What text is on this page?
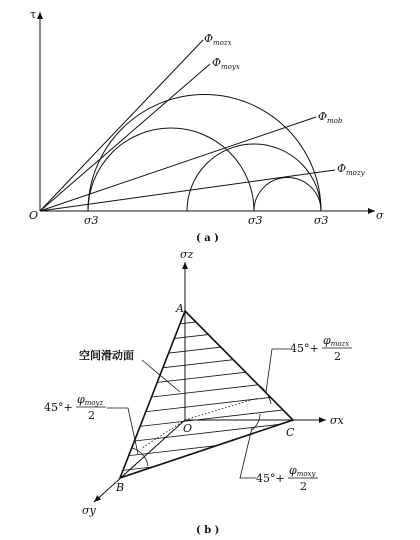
τ
σ
O
$\Phi_{mozx}$
$\Phi_{moyx}$
$\Phi_{mob}$
$\Phi_{mozy}$
σ3	σ3	σ3
( a )
σz
σx
σy
A
C
B
O
空间滑动面
45°+
φmozx
2
45°+
φmoyz
2
45°+
φmoxy
2
( b )
